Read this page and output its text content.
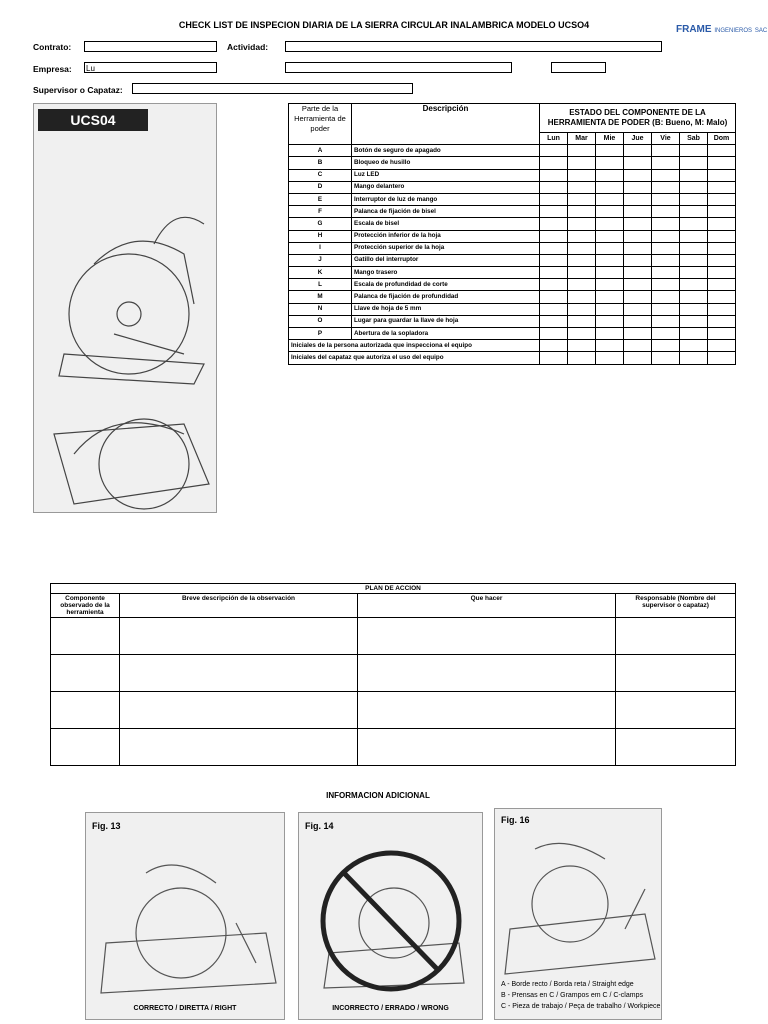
CHECK LIST DE INSPECION DIARIA DE LA SIERRA CIRCULAR INALAMBRICA MODELO UCSO4	FRAME INGENIEROS SAC
Contrato:	Actividad:
Empresa: Lu
Supervisor o Capataz:
UCS04
Parte de la Herramienta de poder	Descripción	ESTADO DEL COMPONENTE DE LA HERRAMIENTA DE PODER (B: Bueno, M: Malo)						
		Lun	Mar	Mie	Jue	Vie	Sab	Dom
A	Botón de seguro de apagado							
B	Bloqueo de husillo							
C	Luz LED							
D	Mango delantero							
E	Interruptor de luz de mango							
F	Palanca de fijación de bisel							
G	Escala de bisel							
H	Protección inferior de la hoja							
I	Protección superior de la hoja							
J	Gatillo del interruptor							
K	Mango trasero							
L	Escala de profundidad de corte							
M	Palanca de fijación de profundidad							
N	Llave de hoja de 5 mm							
O	Lugar para guardar la llave de hoja							
P	Abertura de la sopladora							
Iniciales de la persona autorizada que inspecciona el equipo								
Iniciales del capataz que autoriza el uso del equipo								
PLAN DE ACCION			
Componente observado de la herramienta	Breve descripción de la observación	Que hacer	Responsable (Nombre del supervisor o capataz)

INFORMACION ADICIONAL
Fig. 13
CORRECTO / DIRETTA / RIGHT
Fig. 14
INCORRECTO / ERRADO / WRONG
Fig. 16
A - Borde recto / Borda reta / Straight edge
B - Prensas en C / Grampos em C / C-clamps
C - Pieza de trabajo / Peça de trabalho / Workpiece
